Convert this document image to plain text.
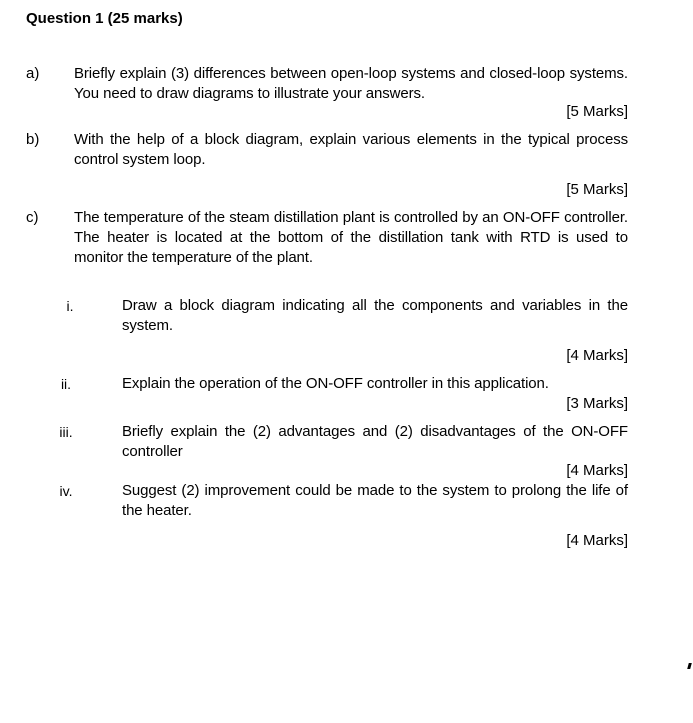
Question 1 (25 marks)
a) Briefly explain (3) differences between open-loop systems and closed-loop systems. You need to draw diagrams to illustrate your answers.
[5 Marks]
b) With the help of a block diagram, explain various elements in the typical process control system loop.
[5 Marks]
c) The temperature of the steam distillation plant is controlled by an ON-OFF controller. The heater is located at the bottom of the distillation tank with RTD is used to monitor the temperature of the plant.
i.	Draw a block diagram indicating all the components and variables in the system.
[4 Marks]
ii.	Explain the operation of the ON-OFF controller in this application.
[3 Marks]
iii.	Briefly explain the (2) advantages and (2) disadvantages of the ON-OFF controller
[4 Marks]
iv.	Suggest (2) improvement could be made to the system to prolong the life of the heater.
[4 Marks]
